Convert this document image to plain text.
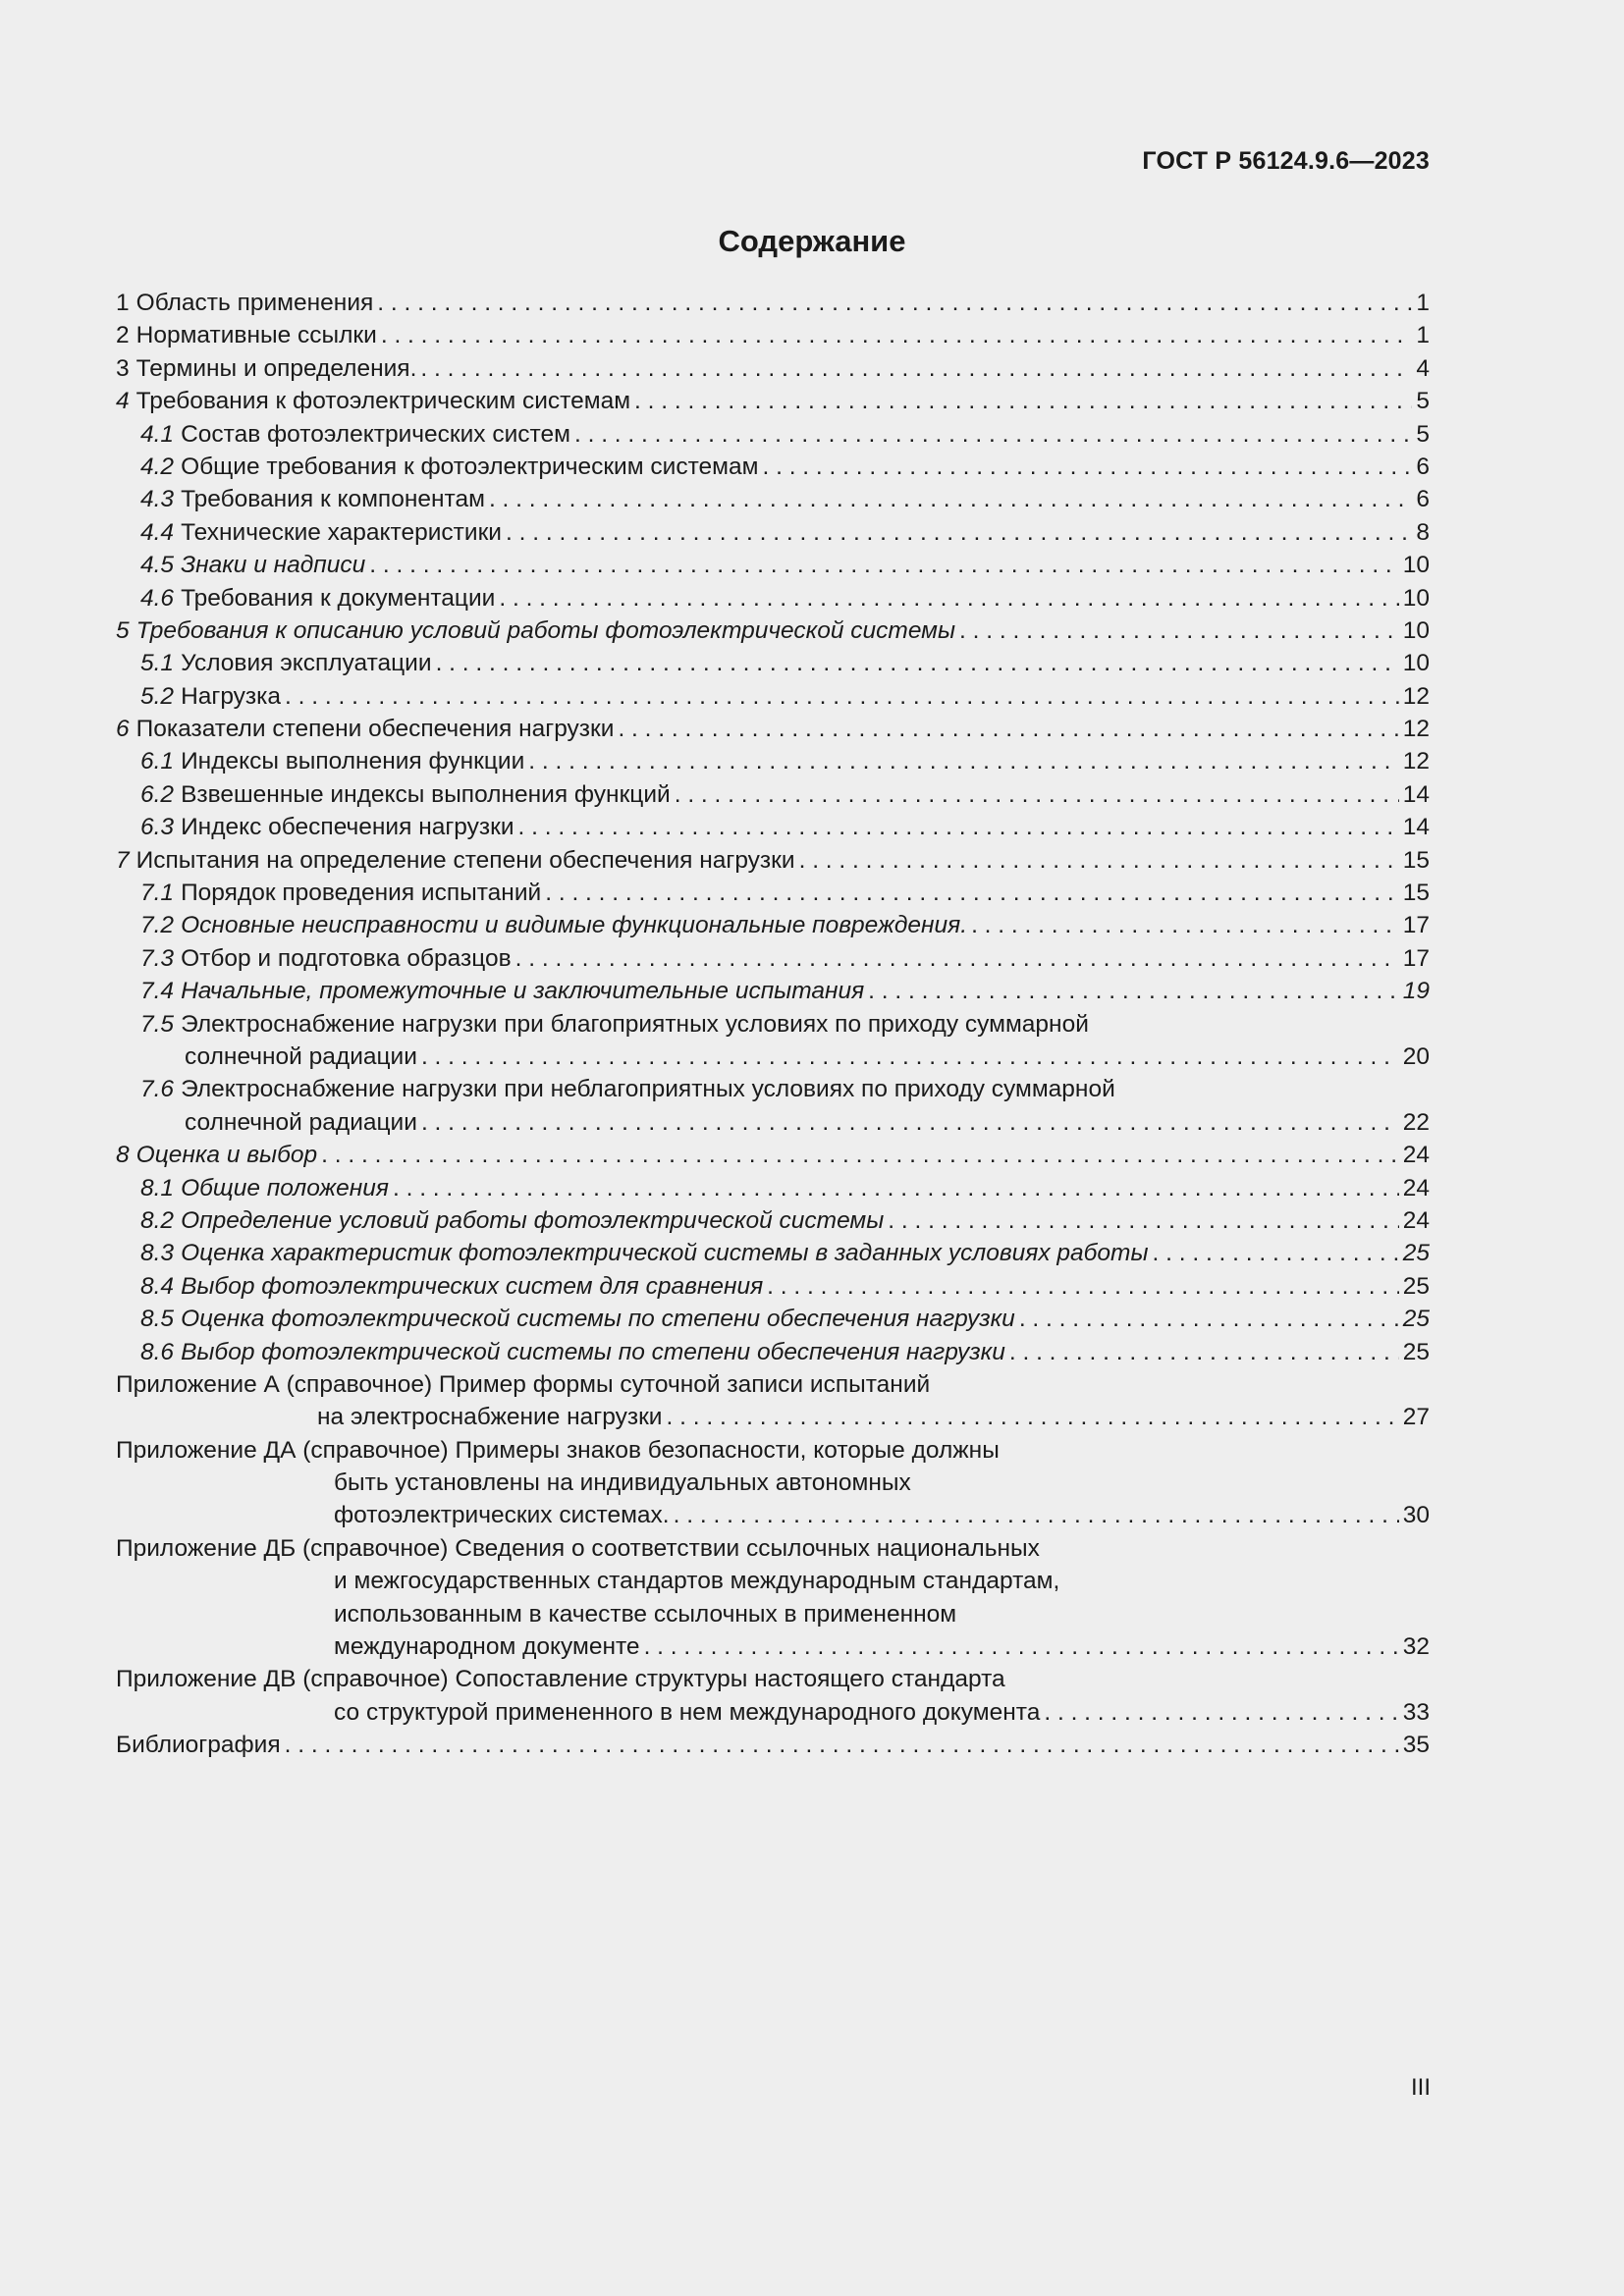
ГОСТ Р 56124.9.6—2023
Содержание
1 Область применения . . .	1
2 Нормативные ссылки . . .	1
3 Термины и определения. . . .	4
4 Требования к фотоэлектрическим системам . . .	5
4.1 Состав фотоэлектрических систем . . .	5
4.2 Общие требования к фотоэлектрическим системам . . .	6
4.3 Требования к компонентам . . .	6
4.4 Технические характеристики . . .	8
4.5 Знаки и надписи . . .	10
4.6 Требования к документации . . .	10
5 Требования к описанию условий работы фотоэлектрической системы . . .	10
5.1 Условия эксплуатации . . .	10
5.2 Нагрузка . . .	12
6 Показатели степени обеспечения нагрузки . . .	12
6.1 Индексы выполнения функции . . .	12
6.2 Взвешенные индексы выполнения функций . . .	14
6.3 Индекс обеспечения нагрузки . . .	14
7 Испытания на определение степени обеспечения нагрузки . . .	15
7.1 Порядок проведения испытаний . . .	15
7.2 Основные неисправности и видимые функциональные повреждения. . . .	17
7.3 Отбор и подготовка образцов . . .	17
7.4 Начальные, промежуточные и заключительные испытания . . .	19
7.5 Электроснабжение нагрузки при благоприятных условиях по приходу суммарной
солнечной радиации . . .	20
7.6 Электроснабжение нагрузки при неблагоприятных условиях по приходу суммарной
солнечной радиации . . .	22
8 Оценка и выбор . . .	24
8.1 Общие положения . . .	24
8.2 Определение условий работы фотоэлектрической системы . . .	24
8.3 Оценка характеристик фотоэлектрической системы в заданных условиях работы . . .	25
8.4 Выбор фотоэлектрических систем для сравнения . . .	25
8.5 Оценка фотоэлектрической системы по степени обеспечения нагрузки . . .	25
8.6 Выбор фотоэлектрической системы по степени обеспечения нагрузки . . .	25
Приложение А (справочное) Пример формы суточной записи испытаний
на электроснабжение нагрузки . . .	27
Приложение ДА (справочное) Примеры знаков безопасности, которые должны
быть установлены на индивидуальных автономных
фотоэлектрических системах. . . .	30
Приложение ДБ (справочное) Сведения о соответствии ссылочных национальных
и межгосударственных стандартов международным стандартам,
использованным в качестве ссылочных в примененном
международном документе . . .	32
Приложение ДВ (справочное) Сопоставление структуры настоящего стандарта
со структурой примененного в нем международного документа . . .	33
Библиография . . .	35
III
